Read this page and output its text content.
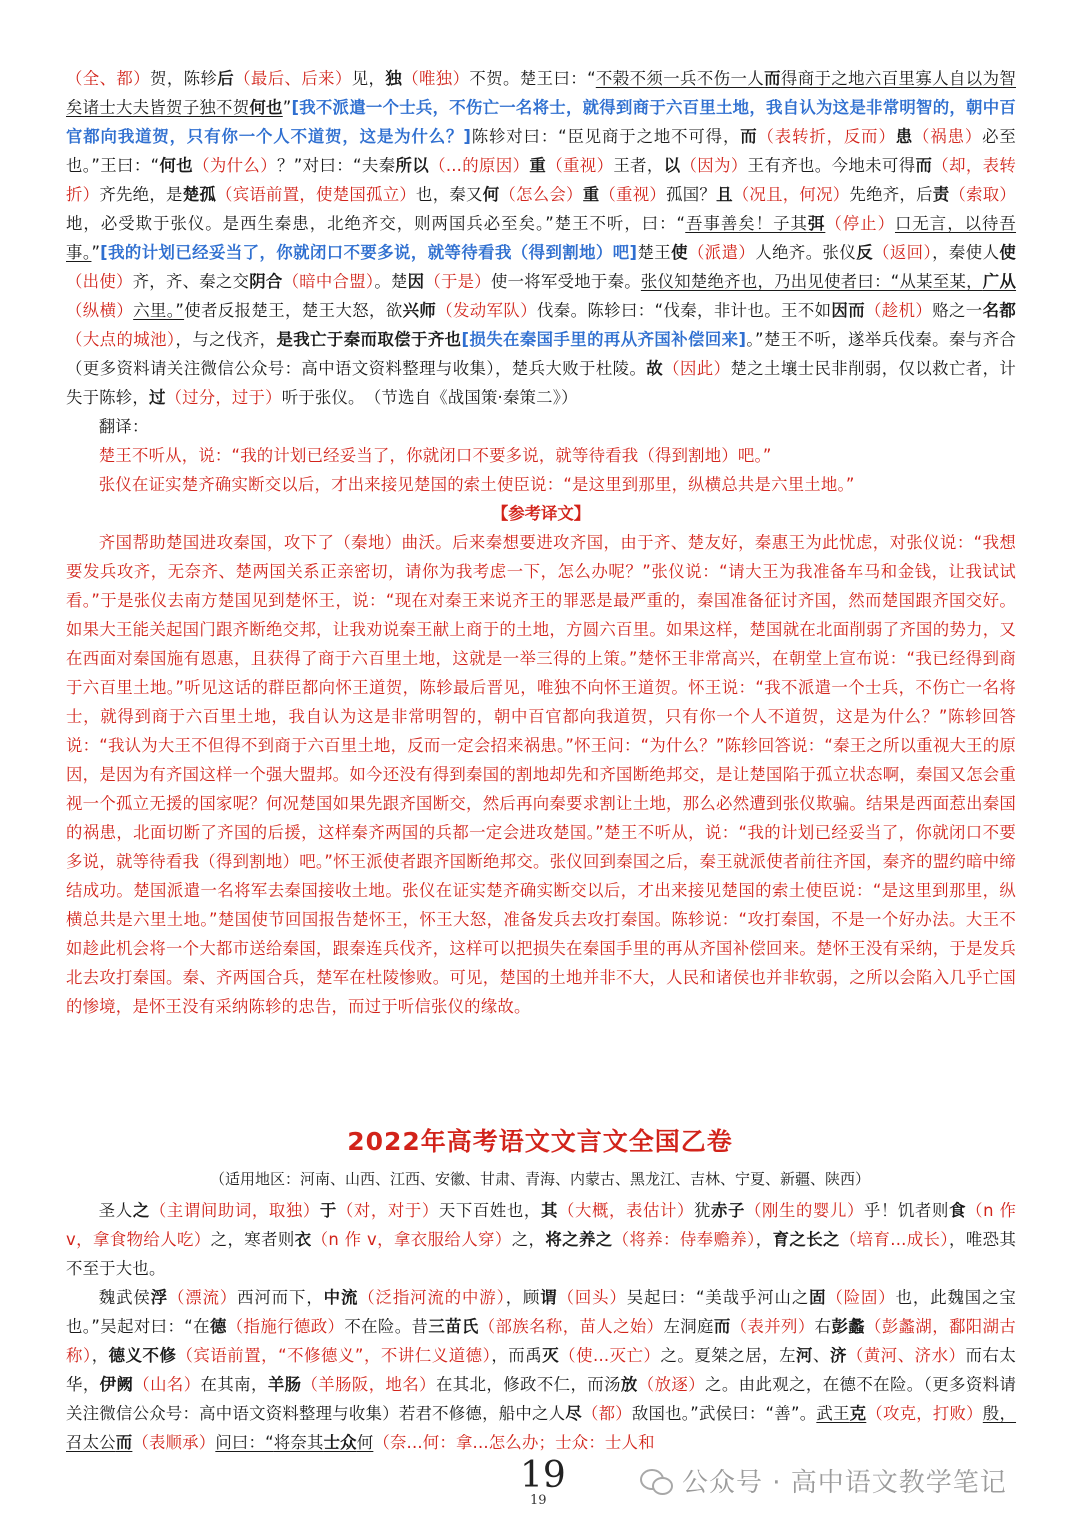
（全、都）贺，陈轸后（最后、后来）见，独（唯独）不贺。楚王曰：“不榖不须一兵不伤一人而得商于之地六百里寡人自以为智矣诸士大夫皆贺子独不贺何也”[我不派遣一个士兵，不伤亡一名将士，就得到商于六百里土地，我自认为这是非常明智的，朝中百官都向我道贺，只有你一个人不道贺，这是为什么？]陈轸对曰：“臣见商于之地不可得，而（表转折，反而）患（祸患）必至也。”王曰：“何也（为什么）？”对曰：“夫秦所以（...的原因）重（重视）王者，以（因为）王有齐也。今地未可得而（却，表转折）齐先绝，是楚孤（宾语前置，使楚国孤立）也，秦又何（怎么会）重（重视）孤国？且（况且，何况）先绝齐，后责（索取）地，必受欺于张仪。是西生秦患，北绝齐交，则两国兵必至矣。”楚王不听，曰：“吾事善矣！子其弭（停止）口无言，以待吾事。”[我的计划已经妥当了，你就闭口不要多说，就等待看我（得到割地）吧]楚王使（派遣）人绝齐。张仪反（返回），秦使人使（出使）齐，齐、秦之交阴合（暗中合盟）。楚因（于是）使一将军受地于秦。张仪知楚绝齐也，乃出见使者曰：“从某至某，广从（纵横）六里。”使者反报楚王，楚王大怒，欲兴师（发动军队）伐秦。陈轸曰：“伐秦，非计也。王不如因而（趁机）赂之一名都（大点的城池），与之伐齐，是我亡于秦而取偿于齐也[损失在秦国手里的再从齐国补偿回来]。”楚王不听，遂举兵伐秦。秦与齐合（更多资料请关注微信公众号：高中语文资料整理与收集），楚兵大败于杜陵。故（因此）楚之土壤士民非削弱，仅以救亡者，计失于陈轸，过（过分，过于）听于张仪。　（节选自《战国策·秦策二》）

翻译：

楚王不听从，说：“我的计划已经妥当了，你就闭口不要多说，就等待看我（得到割地）吧。”

张仪在证实楚齐确实断交以后，才出来接见楚国的索土使臣说：“是这里到那里，纵横总共是六里土地。”

【参考译文】

齐国帮助楚国进攻秦国，攻下了（秦地）曲沃。后来秦想要进攻齐国，由于齐、楚友好，秦惠王为此忧虑，对张仪说：“我想要发兵攻齐，无奈齐、楚两国关系正亲密切，请你为我考虑一下，怎么办呢？”张仪说：“请大王为我准备车马和金钱，让我试试看。”于是张仪去南方楚国见到楚怀王，说：“现在对秦王来说齐王的罪恶是最严重的，秦国准备征讨齐国，然而楚国跟齐国交好。如果大王能关起国门跟齐断绝交邦，让我劝说秦王献上商于的土地，方圆六百里。如果这样，楚国就在北面削弱了齐国的势力，又在西面对秦国施有恩惠，且获得了商于六百里土地，这就是一举三得的上策。”楚怀王非常高兴，在朝堂上宣布说：“我已经得到商于六百里土地。”听见这话的群臣都向怀王道贺，陈轸最后晋见，唯独不向怀王道贺。怀王说：“我不派遣一个士兵，不伤亡一名将士，就得到商于六百里土地，我自认为这是非常明智的，朝中百官都向我道贺，只有你一个人不道贺，这是为什么？”陈轸回答说：“我认为大王不但得不到商于六百里土地，反而一定会招来祸患。”怀王问：“为什么？”陈轸回答说：“秦王之所以重视大王的原因，是因为有齐国这样一个强大盟邦。如今还没有得到秦国的割地却先和齐国断绝邦交，是让楚国陷于孤立状态啊，秦国又怎会重视一个孤立无援的国家呢？何况楚国如果先跟齐国断交，然后再向秦要求割让土地，那么必然遭到张仪欺骗。结果是西面惹出秦国的祸患，北面切断了齐国的后援，这样秦齐两国的兵都一定会进攻楚国。”楚王不听从，说：“我的计划已经妥当了，你就闭口不要多说，就等待看我（得到割地）吧。”怀王派使者跟齐国断绝邦交。张仪回到秦国之后，秦王就派使者前往齐国，秦齐的盟约暗中缔结成功。楚国派遣一名将军去秦国接收土地。张仪在证实楚齐确实断交以后，才出来接见楚国的索土使臣说：“是这里到那里，纵横总共是六里土地。”楚国使节回国报告楚怀王，怀王大怒，准备发兵去攻打秦国。陈轸说：“攻打秦国，不是一个好办法。大王不如趁此机会将一个大都市送给秦国，跟秦连兵伐齐，这样可以把损失在秦国手里的再从齐国补偿回来。楚怀王没有采纳，于是发兵北去攻打秦国。秦、齐两国合兵，楚军在杜陵惨败。可见，楚国的土地并非不大，人民和诸侯也并非软弱，之所以会陷入几乎亡国的惨境，是怀王没有采纳陈轸的忠告，而过于听信张仪的缘故。

2022年高考语文文言文全国乙卷
（适用地区：河南、山西、江西、安徽、甘肃、青海、内蒙古、黑龙江、吉林、宁夏、新疆、陕西）

圣人之（主谓间助词，取独）于（对，对于）天下百姓也，其（大概，表估计）犹赤子（刚生的婴儿）乎！饥者则食（n 作 v，拿食物给人吃）之，寒者则衣（n 作 v，拿衣服给人穿）之，将之养之（将养：侍奉赡养），育之长之（培育...成长），唯恐其不至于大也。

魏武侯浮（漂流）西河而下，中流（泛指河流的中游），顾谓（回头）吴起曰：“美哉乎河山之固（险固）也，此魏国之宝也。”吴起对曰：“在德（指施行德政）不在险。昔三苗氏（部族名称，苗人之始）左洞庭而（表并列）右彭蠡（彭蠡湖，鄱阳湖古称），德义不修（宾语前置，“不修德义”，不讲仁义道德），而禹灭（使...灭亡）之。夏桀之居，左河、济（黄河、济水）而右太华，伊阙（山名）在其南，羊肠（羊肠阪，地名）在其北，修政不仁，而汤放（放逐）之。由此观之，在德不在险。（更多资料请关注微信公众号：高中语文资料整理与收集）若君不修德，船中之人尽（都）敌国也。”武侯曰：“善”。武王克（攻克，打败）殷，召太公而（表顺承）问曰：“将奈其士众何（奈...何：拿...怎么办；士众：士人和

19
19
公众号 · 高中语文教学笔记
